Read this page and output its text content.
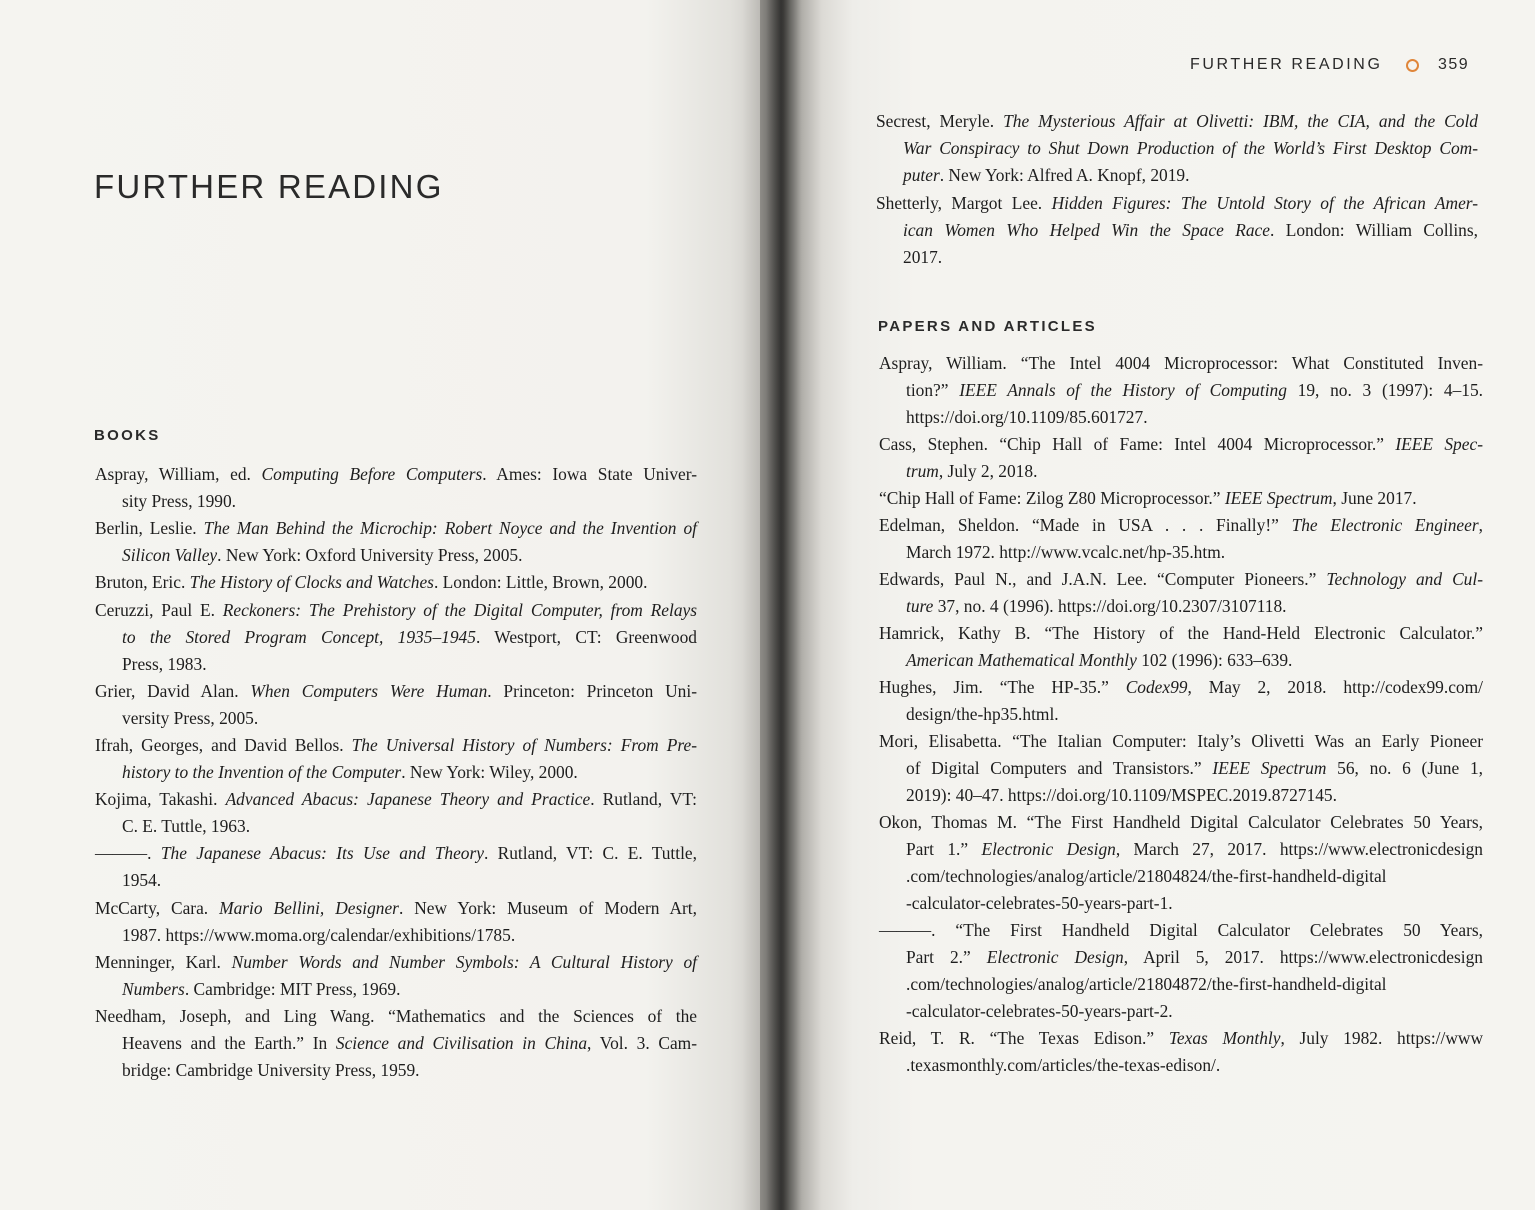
FURTHER READING
BOOKS
Aspray, William, ed. Computing Before Computers. Ames: Iowa State Univer-
sity Press, 1990.
Berlin, Leslie. The Man Behind the Microchip: Robert Noyce and the Invention of
Silicon Valley. New York: Oxford University Press, 2005.
Bruton, Eric. The History of Clocks and Watches. London: Little, Brown, 2000.
Ceruzzi, Paul E. Reckoners: The Prehistory of the Digital Computer, from Relays
to the Stored Program Concept, 1935–1945. Westport, CT: Greenwood
Press, 1983.
Grier, David Alan. When Computers Were Human. Princeton: Princeton Uni-
versity Press, 2005.
Ifrah, Georges, and David Bellos. The Universal History of Numbers: From Pre-
history to the Invention of the Computer. New York: Wiley, 2000.
Kojima, Takashi. Advanced Abacus: Japanese Theory and Practice. Rutland, VT:
C. E. Tuttle, 1963.
———. The Japanese Abacus: Its Use and Theory. Rutland, VT: C. E. Tuttle,
1954.
McCarty, Cara. Mario Bellini, Designer. New York: Museum of Modern Art,
1987. https://www.moma.org/calendar/exhibitions/1785.
Menninger, Karl. Number Words and Number Symbols: A Cultural History of
Numbers. Cambridge: MIT Press, 1969.
Needham, Joseph, and Ling Wang. “Mathematics and the Sciences of the
Heavens and the Earth.” In Science and Civilisation in China, Vol. 3. Cam-
bridge: Cambridge University Press, 1959.
FURTHER READING	359
Secrest, Meryle. The Mysterious Affair at Olivetti: IBM, the CIA, and the Cold
War Conspiracy to Shut Down Production of the World’s First Desktop Com-
puter. New York: Alfred A. Knopf, 2019.
Shetterly, Margot Lee. Hidden Figures: The Untold Story of the African Amer-
ican Women Who Helped Win the Space Race. London: William Collins,
2017.
PAPERS AND ARTICLES
Aspray, William. “The Intel 4004 Microprocessor: What Constituted Inven-
tion?” IEEE Annals of the History of Computing 19, no. 3 (1997): 4–15.
https://doi.org/10.1109/85.601727.
Cass, Stephen. “Chip Hall of Fame: Intel 4004 Microprocessor.” IEEE Spec-
trum, July 2, 2018.
“Chip Hall of Fame: Zilog Z80 Microprocessor.” IEEE Spectrum, June 2017.
Edelman, Sheldon. “Made in USA . . . Finally!” The Electronic Engineer,
March 1972. http://www.vcalc.net/hp-35.htm.
Edwards, Paul N., and J.A.N. Lee. “Computer Pioneers.” Technology and Cul-
ture 37, no. 4 (1996). https://doi.org/10.2307/3107118.
Hamrick, Kathy B. “The History of the Hand-Held Electronic Calculator.”
American Mathematical Monthly 102 (1996): 633–639.
Hughes, Jim. “The HP-35.” Codex99, May 2, 2018. http://codex99.com/
design/the-hp35.html.
Mori, Elisabetta. “The Italian Computer: Italy’s Olivetti Was an Early Pioneer
of Digital Computers and Transistors.” IEEE Spectrum 56, no. 6 (June 1,
2019): 40–47. https://doi.org/10.1109/MSPEC.2019.8727145.
Okon, Thomas M. “The First Handheld Digital Calculator Celebrates 50 Years,
Part 1.” Electronic Design, March 27, 2017. https://www.electronicdesign
.com/technologies/analog/article/21804824/the-first-handheld-digital
-calculator-celebrates-50-years-part-1.
———. “The First Handheld Digital Calculator Celebrates 50 Years,
Part 2.” Electronic Design, April 5, 2017. https://www.electronicdesign
.com/technologies/analog/article/21804872/the-first-handheld-digital
-calculator-celebrates-50-years-part-2.
Reid, T. R. “The Texas Edison.” Texas Monthly, July 1982. https://www
.texasmonthly.com/articles/the-texas-edison/.
